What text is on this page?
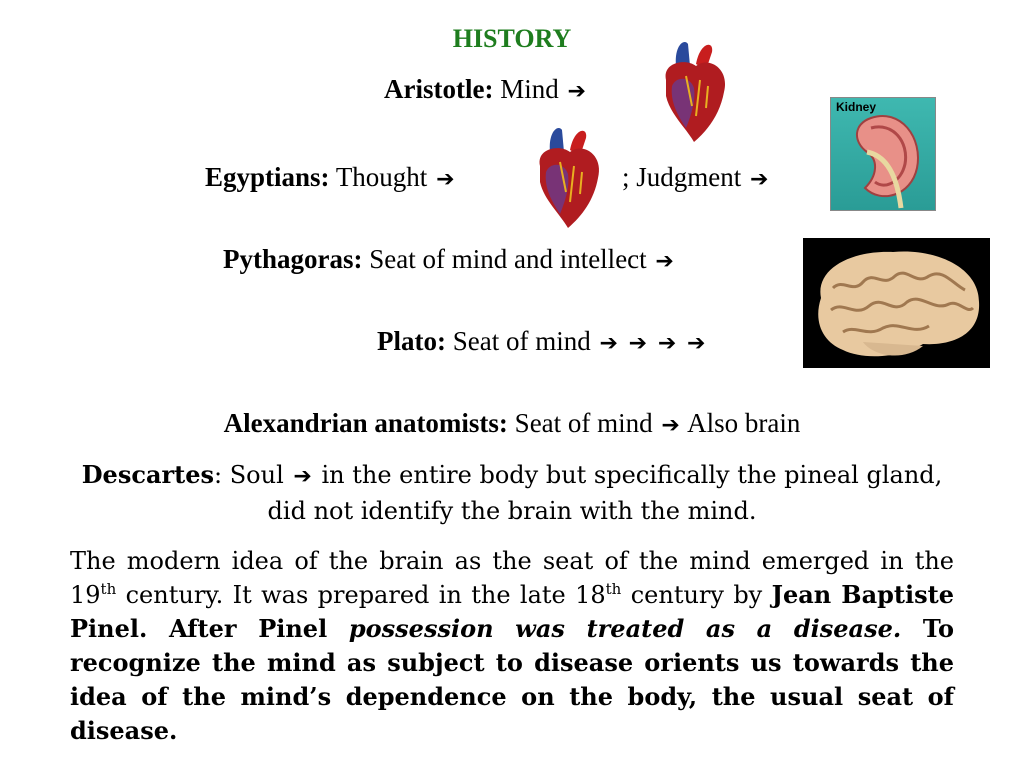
HISTORY
Aristotle: Mind ➔
Egyptians: Thought ➔	; Judgment ➔
Kidney
Pythagoras: Seat of mind and intellect ➔
Plato: Seat of mind ➔ ➔ ➔ ➔
Alexandrian anatomists: Seat of mind ➔ Also brain
Descartes: Soul ➔ in the entire body but specifically the pineal gland, did not identify the brain with the mind.
The modern idea of the brain as the seat of the mind emerged in the 19th century. It was prepared in the late 18th century by Jean Baptiste Pinel. After Pinel possession was treated as a disease. To recognize the mind as subject to disease orients us towards the idea of the mind’s dependence on the body, the usual seat of disease.
